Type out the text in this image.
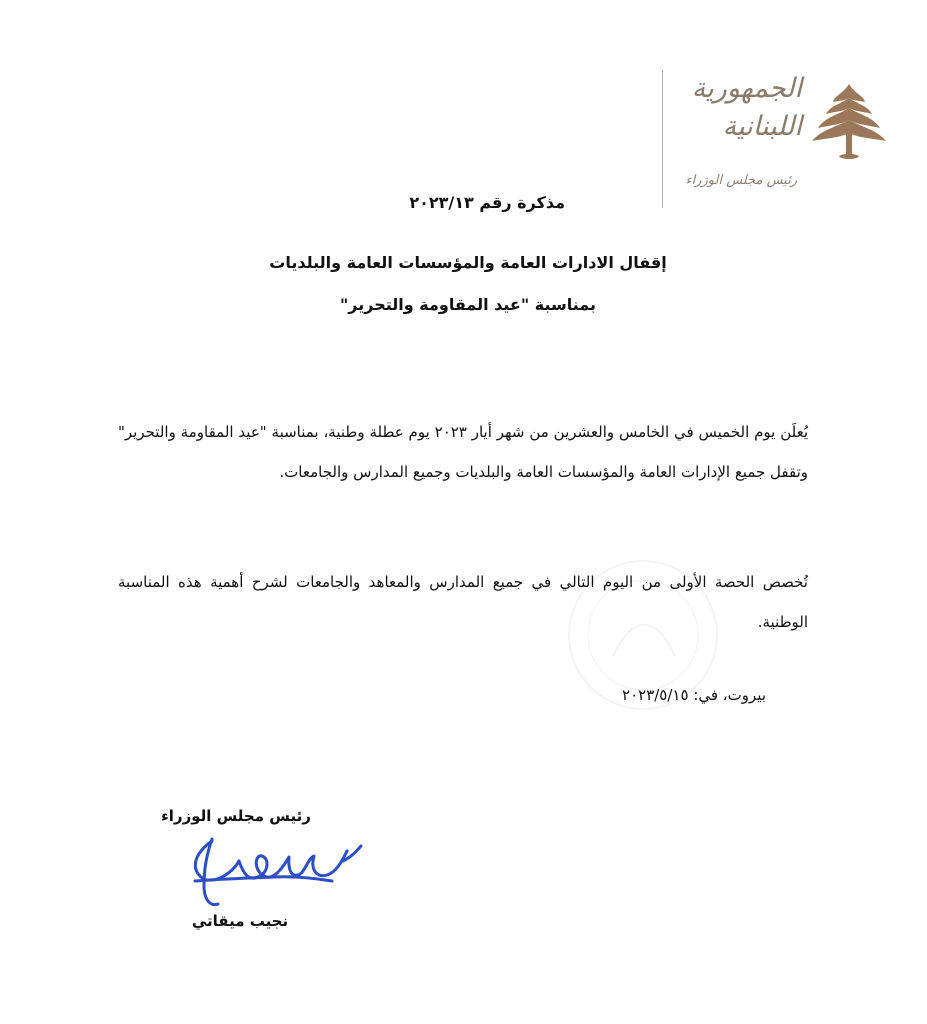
الجمهورية
اللبنانية
رئيس مجلس الوزراء
مذكرة رقم ٢٠٢٣/١٣
إقفال الادارات العامة والمؤسسات العامة والبلديات
بمناسبة "عيد المقاومة والتحرير"
يُعلَن يوم الخميس في الخامس والعشرين من شهر أيار ٢٠٢٣ يوم عطلة وطنية، بمناسبة "عيد المقاومة والتحرير" وتقفل جميع الإدارات العامة والمؤسسات العامة والبلديات وجميع المدارس والجامعات.
تُخصص الحصة الأولى من اليوم التالي في جميع المدارس والمعاهد والجامعات لشرح أهمية هذه المناسبة الوطنية.
بيروت، في: ٢٠٢٣/٥/١٥
رئيس مجلس الوزراء
نجيب ميقاتي
